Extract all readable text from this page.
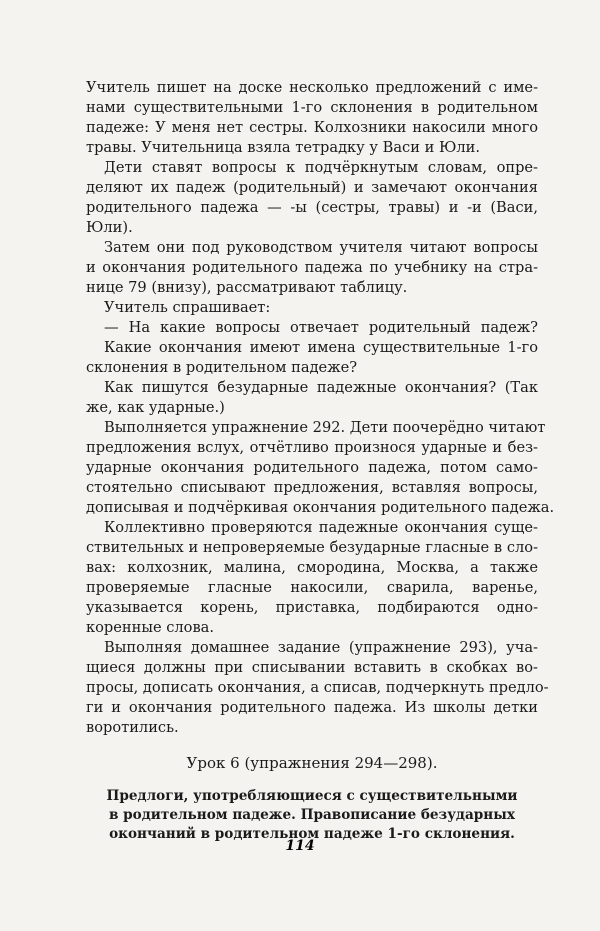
Учитель пишет на доске несколько предложений с име-
нами существительными 1-го склонения в родительном
падеже: У меня нет сестры. Колхозники накосили много
травы. Учительница взяла тетрадку у Васи и Юли.
Дети ставят вопросы к подчёркнутым словам, опре-
деляют их падеж (родительный) и замечают окончания
родительного падежа — -ы (сестры, травы) и -и (Васи,
Юли).
Затем они под руководством учителя читают вопросы
и окончания родительного падежа по учебнику на стра-
нице 79 (внизу), рассматривают таблицу.
Учитель спрашивает:
— На какие вопросы отвечает родительный падеж?
Какие окончания имеют имена существительные 1-го
склонения в родительном падеже?
Как пишутся безударные падежные окончания? (Так
же, как ударные.)
Выполняется упражнение 292. Дети поочерёдно читают
предложения вслух, отчётливо произнося ударные и без-
ударные окончания родительного падежа, потом само-
стоятельно списывают предложения, вставляя вопросы,
дописывая и подчёркивая окончания родительного падежа.
Коллективно проверяются падежные окончания суще-
ствительных и непроверяемые безударные гласные в сло-
вах: колхозник, малина, смородина, Москва, а также
проверяемые гласные накосили, сварила, варенье,
указывается корень, приставка, подбираются одно-
коренные слова.
Выполняя домашнее задание (упражнение 293), уча-
щиеся должны при списывании вставить в скобках во-
просы, дописать окончания, а списав, подчеркнуть предло-
ги и окончания родительного падежа. Из школы детки
воротились.
Урок 6 (упражнения 294—298).
Предлоги, употребляющиеся с существительными
в родительном падеже. Правописание безударных
окончаний в родительном падеже 1-го склонения.
114
